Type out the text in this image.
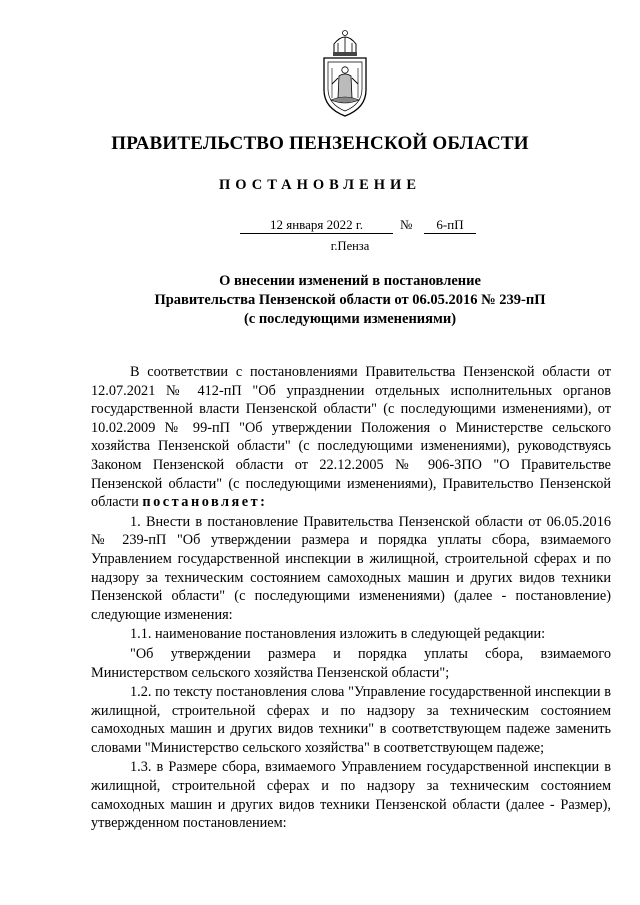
ПРАВИТЕЛЬСТВО ПЕНЗЕНСКОЙ ОБЛАСТИ
ПОСТАНОВЛЕНИЕ
12 января 2022 г.	№	6-пП
г.Пенза
О внесении изменений в постановление
Правительства Пензенской области от 06.05.2016 № 239-пП
(с последующими изменениями)

В соответствии с постановлениями Правительства Пензенской области от 12.07.2021 № 412-пП "Об упразднении отдельных исполнительных органов государственной власти Пензенской области" (с последующими изменениями), от 10.02.2009 № 99-пП "Об утверждении Положения о Министерстве сельского хозяйства Пензенской области" (с последующими изменениями), руководствуясь Законом Пензенской области от 22.12.2005 № 906-ЗПО "О Правительстве Пензенской области" (с последующими изменениями), Правительство Пензенской области постановляет:

1. Внести в постановление Правительства Пензенской области от 06.05.2016 № 239-пП "Об утверждении размера и порядка уплаты сбора, взимаемого Управлением государственной инспекции в жилищной, строительной сферах и по надзору за техническим состоянием самоходных машин и других видов техники Пензенской области" (с последующими изменениями) (далее - постановление) следующие изменения:

1.1. наименование постановления изложить в следующей редакции:

"Об утверждении размера и порядка уплаты сбора, взимаемого Министерством сельского хозяйства Пензенской области";

1.2. по тексту постановления слова "Управление государственной инспекции в жилищной, строительной сферах и по надзору за техническим состоянием самоходных машин и других видов техники" в соответствующем падеже заменить словами "Министерство сельского хозяйства" в соответствующем падеже;

1.3. в Размере сбора, взимаемого Управлением государственной инспекции в жилищной, строительной сферах и по надзору за техническим состоянием самоходных машин и других видов техники Пензенской области (далее - Размер), утвержденном постановлением:
